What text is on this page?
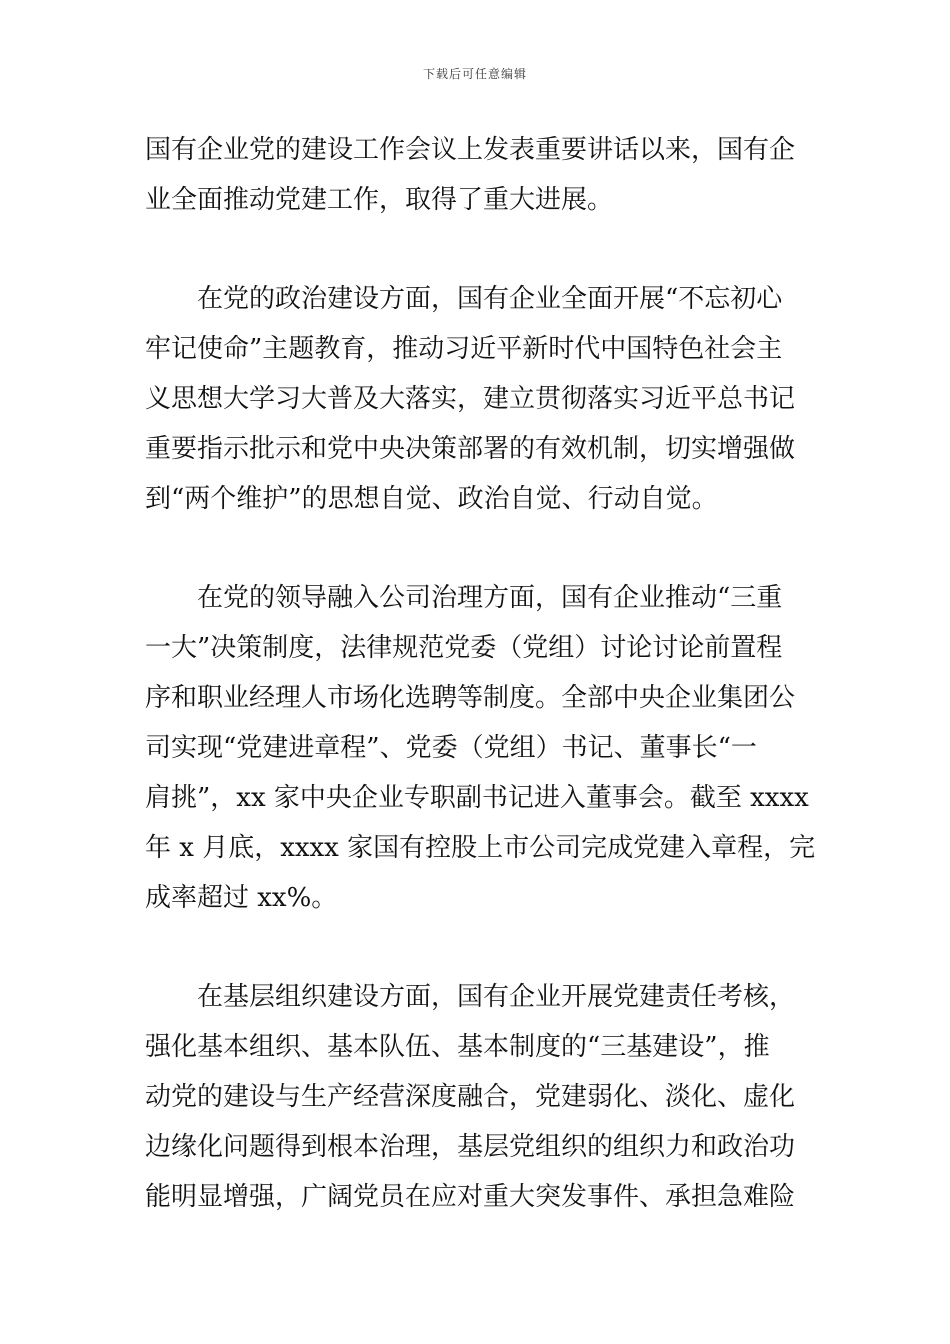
下载后可任意编辑
国有企业党的建设工作会议上发表重要讲话以来，国有企
业全面推动党建工作，取得了重大进展。
在党的政治建设方面，国有企业全面开展“不忘初心
牢记使命”主题教育，推动习近平新时代中国特色社会主
义思想大学习大普及大落实，建立贯彻落实习近平总书记
重要指示批示和党中央决策部署的有效机制，切实增强做
到“两个维护”的思想自觉、政治自觉、行动自觉。
在党的领导融入公司治理方面，国有企业推动“三重
一大”决策制度，法律规范党委（党组）讨论讨论前置程
序和职业经理人市场化选聘等制度。全部中央企业集团公
司实现“党建进章程”、党委（党组）书记、董事长“一
肩挑”，xx 家中央企业专职副书记进入董事会。截至 xxxx
年 x 月底，xxxx 家国有控股上市公司完成党建入章程，完
成率超过 xx%。
在基层组织建设方面，国有企业开展党建责任考核，
强化基本组织、基本队伍、基本制度的“三基建设”，推
动党的建设与生产经营深度融合，党建弱化、淡化、虚化
边缘化问题得到根本治理，基层党组织的组织力和政治功
能明显增强，广阔党员在应对重大突发事件、承担急难险
